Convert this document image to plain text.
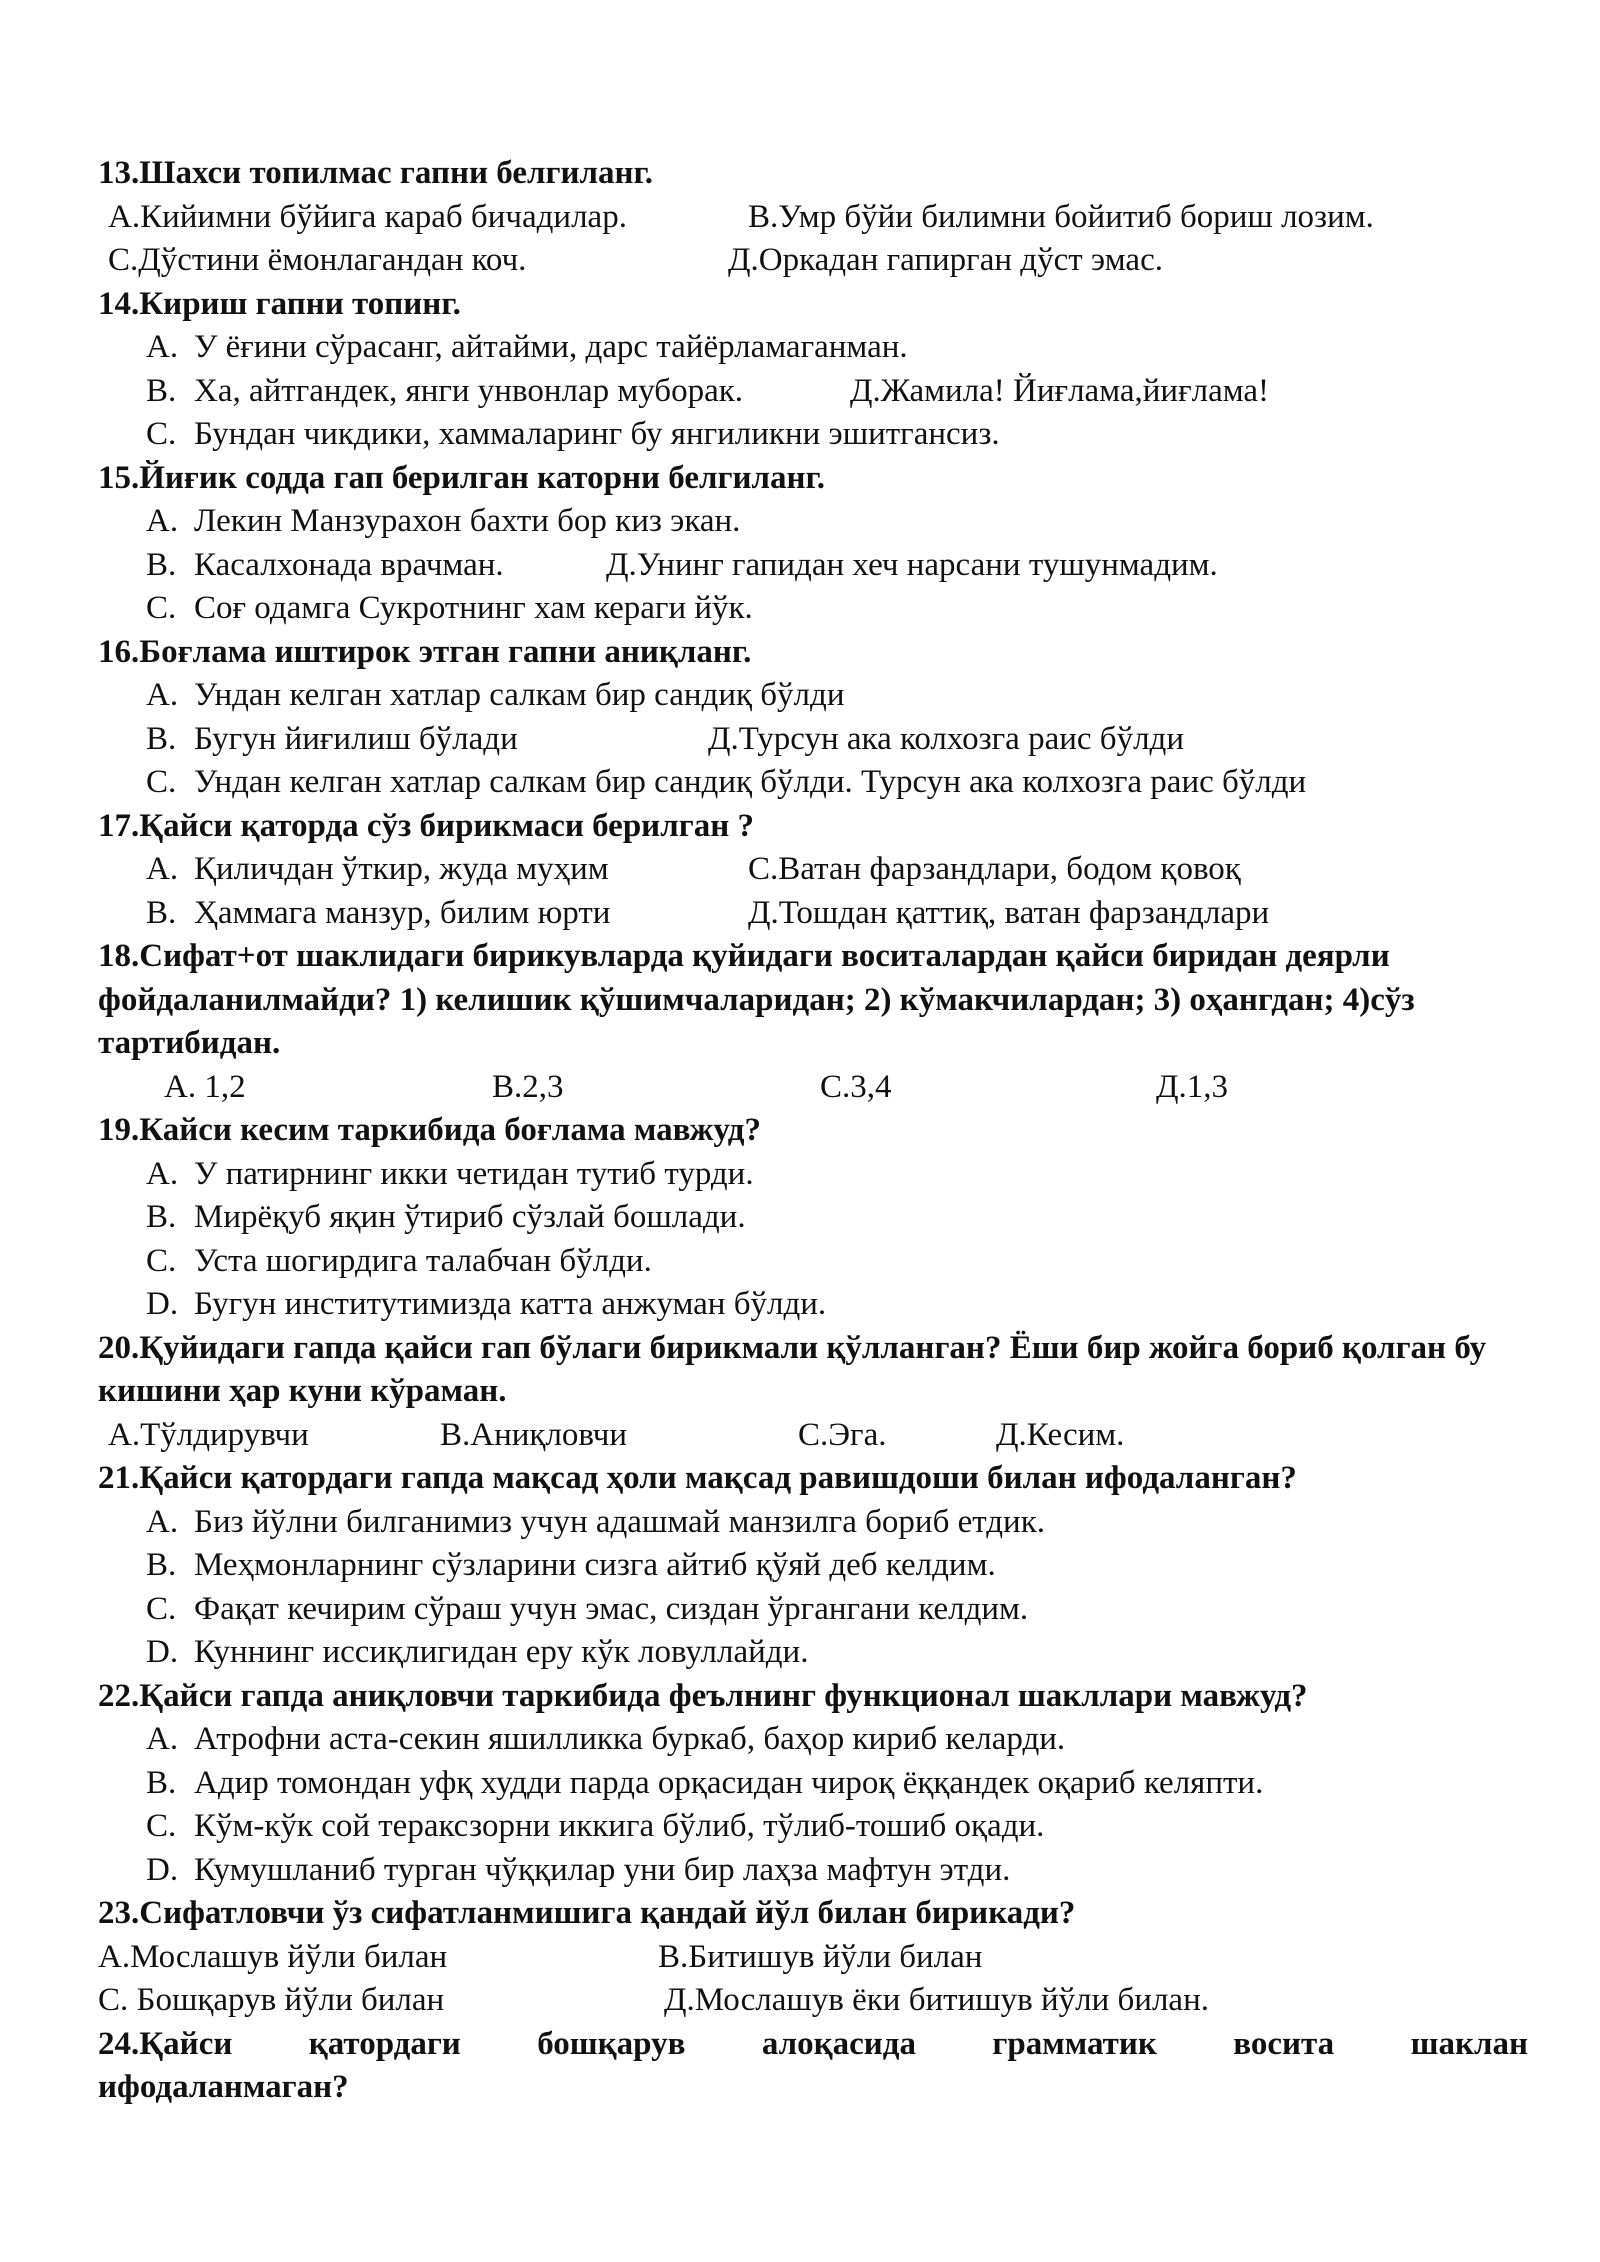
13.Шахси топилмас гапни белгиланг.
А.Кийимни бўйига караб бичадилар.	В.Умр бўйи билимни бойитиб бориш лозим.
С.Дўстини ёмонлагандан коч.	Д.Оркадан гапирган дўст эмас.
14.Кириш гапни топинг.
A. У ёғини сўрасанг, айтайми, дарс тайёрламаганман.
B. Ха, айтгандек, янги унвонлар муборак.	Д.Жамила! Йиғлама,йиғлама!
C. Бундан чикдики, хаммаларинг бу янгиликни эшитгансиз.
15.Йиғик содда гап берилган каторни белгиланг.
A. Лекин Манзурахон бахти бор киз экан.
B. Касалхонада врачман.	Д.Унинг гапидан хеч нарсани тушунмадим.
C. Соғ одамга Сукротнинг хам кераги йўк.
16.Боғлама иштирок этган гапни аниқланг.
A. Ундан келган хатлар салкам бир сандиқ бўлди
B. Бугун йиғилиш бўлади	Д.Турсун ака колхозга раис бўлди
C. Ундан келган хатлар салкам бир сандиқ бўлди. Турсун ака колхозга раис бўлди
17.Қайси қаторда сўз бирикмаси берилган ?
A. Қиличдан ўткир, жуда муҳим	С.Ватан фарзандлари, бодом қовоқ
B. Ҳаммага манзур, билим юрти	Д.Тошдан қаттиқ, ватан фарзандлари
18.Сифат+от шаклидаги бирикувларда қуйидаги воситалардан қайси биридан деярли фойдаланилмайди? 1) келишик қўшимчаларидан; 2) кўмакчилардан; 3) оҳангдан; 4)сўз тартибидан.
А. 1,2	В.2,3	С.3,4	Д.1,3
19.Кайси кесим таркибида боғлама мавжуд?
A. У патирнинг икки четидан тутиб турди.
B. Мирёқуб яқин ўтириб сўзлай бошлади.
C. Уста шогирдига талабчан бўлди.
D. Бугун институтимизда катта анжуман бўлди.
20.Қуйидаги гапда қайси гап бўлаги бирикмали қўлланган? Ёши бир жойга бориб қолган бу кишини ҳар куни кўраман.
А.Тўлдирувчи	В.Аниқловчи	С.Эга.	Д.Кесим.
21.Қайси қатордаги гапда мақсад ҳоли мақсад равишдоши билан ифодаланган?
A. Биз йўлни билганимиз учун адашмай манзилга бориб етдик.
B. Меҳмонларнинг сўзларини сизга айтиб қўяй деб келдим.
C. Фақат кечирим сўраш учун эмас, сиздан ўргангани келдим.
D. Куннинг иссиқлигидан еру кўк ловуллайди.
22.Қайси гапда аниқловчи таркибида феълнинг функционал шакллари мавжуд?
A. Атрофни аста-секин яшилликка буркаб, баҳор кириб келарди.
B. Адир томондан уфқ худди парда орқасидан чироқ ёққандек оқариб келяпти.
C. Кўм-кўк сой тераксзорни иккига бўлиб, тўлиб-тошиб оқади.
D. Кумушланиб турган чўққилар уни бир лаҳза мафтун этди.
23.Сифатловчи ўз сифатланмишига қандай йўл билан бирикади?
А.Мослашув йўли билан	В.Битишув йўли билан
С. Бошқарув йўли билан	Д.Мослашув ёки битишув йўли билан.
24.Қайси қатордаги бошқарув алоқасида грамматик восита шаклан
ифодаланмаган?
